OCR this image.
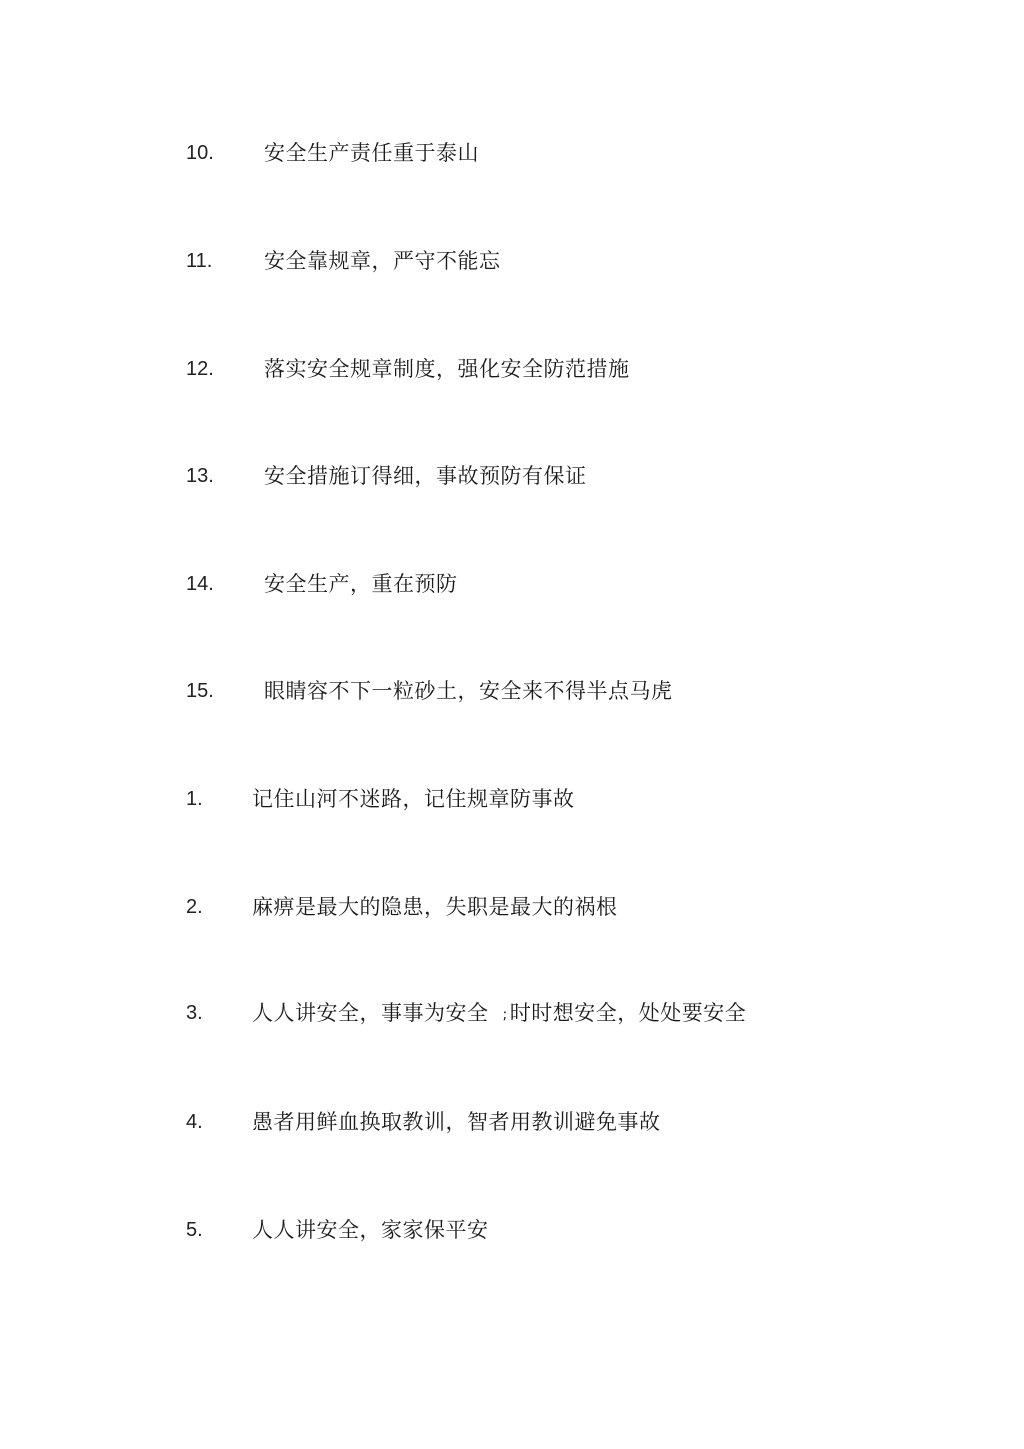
10. 安全生产责任重于泰山
11. 安全靠规章，严守不能忘
12. 落实安全规章制度，强化安全防范措施
13. 安全措施订得细，事故预防有保证
14. 安全生产，重在预防
15. 眼睛容不下一粒砂土，安全来不得半点马虎
1. 记住山河不迷路，记住规章防事故
2. 麻痹是最大的隐患，失职是最大的祸根
3. 人人讲安全，事事为安全 ;时时想安全，处处要安全
4. 愚者用鲜血换取教训，智者用教训避免事故
5. 人人讲安全，家家保平安
